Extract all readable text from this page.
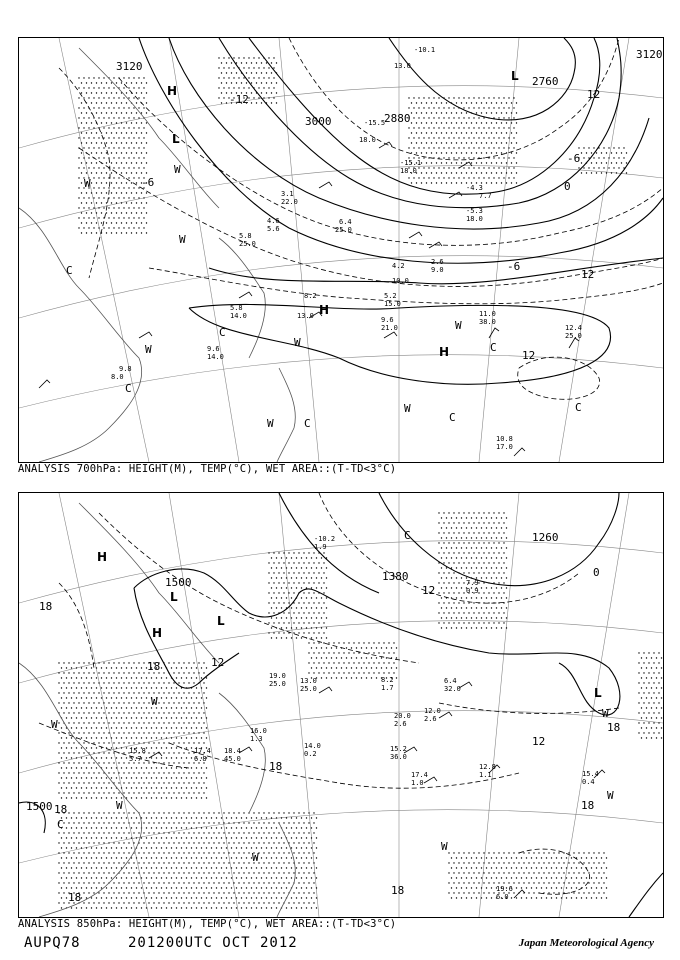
3120
3120
3000	2880
2760
12
-6
0
-6
12
12
-12
-6
H
L
L
H
H
W
W
W
W
W
W
W
W
C
C
C
C	C
C
C
11.0
38.0
12.4
25.0
9.6
21.0
8.2
13.0
5.8
14.0
9.6
14.0
9.8
8.0
10.8
17.0
5.2
15.0
6.4
25.0
4.2
10.0
2.6
9.0
-5.3
18.0
-4.3
7.7
-15.1
18.0
-15.5
18.0
-10.1
13.0
3.1
22.0
4.6
5.6
5.8
25.0
ANALYSIS 700hPa: HEIGHT(M), TEMP(°C), WET AREA::(T-TD<3°C)
1500
1500
1380
1260
12
18
18
12
0
18
18
18
18
18
12
18
H
H
L
L
L
C
C
W
W
W
W
W
W
W
15.2
36.0
17.4
1.0
12.8
1.1	15.4
0.4
19.6
6.0
8.2
1.7
6.4
32.0
13.0
25.0
19.0
25.0
18.4
45.0
17.4
6.8
15.8
5.7
12.0
2.6
20.0
2.6
-10.2
1.9
7.9
0.9
16.0
1.3
14.0
0.2
ANALYSIS 850hPa: HEIGHT(M), TEMP(°C), WET AREA::(T-TD<3°C)
AUPQ78	201200UTC OCT 2012	Japan Meteorological Agency
